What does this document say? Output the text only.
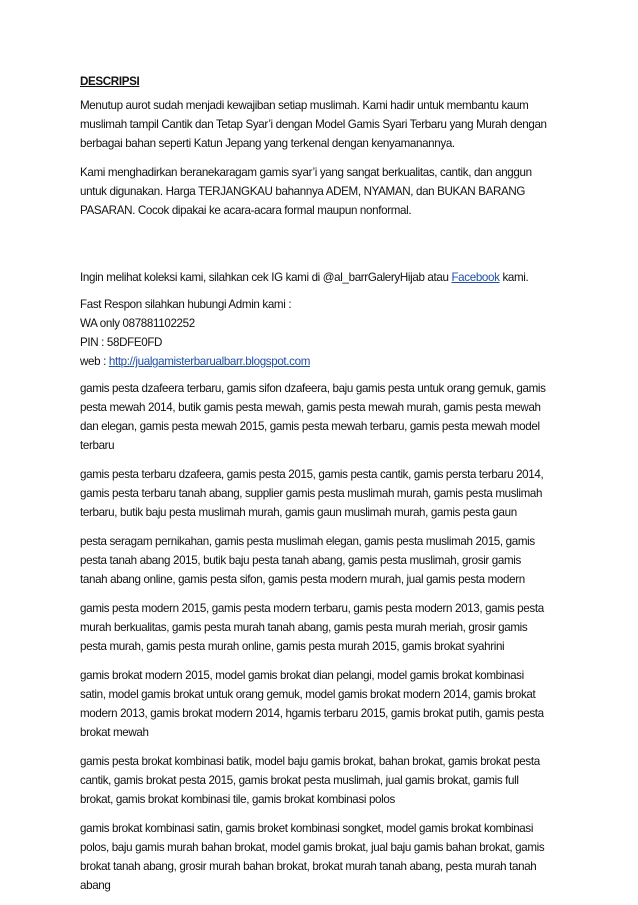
DESCRIPSI

Menutup aurot sudah menjadi kewajiban setiap muslimah. Kami hadir untuk membantu kaum muslimah tampil Cantik dan Tetap Syar’i dengan Model Gamis Syari Terbaru yang Murah dengan berbagai bahan seperti Katun Jepang yang terkenal dengan kenyamanannya.

Kami menghadirkan beranekaragam gamis syar’i yang sangat berkualitas, cantik, dan anggun untuk digunakan. Harga TERJANGKAU bahannya ADEM, NYAMAN, dan BUKAN BARANG PASARAN. Cocok dipakai ke acara-acara formal maupun nonformal.

Ingin melihat koleksi kami, silahkan cek IG kami di @al_barrGaleryHijab atau Facebook kami.

Fast Respon silahkan hubungi Admin kami :
WA only 087881102252
PIN : 58DFE0FD
web : http://jualgamisterbarualbarr.blogspot.com

gamis pesta dzafeera terbaru, gamis sifon dzafeera, baju gamis pesta untuk orang gemuk, gamis pesta mewah 2014, butik gamis pesta mewah, gamis pesta mewah murah, gamis pesta mewah dan elegan, gamis pesta mewah 2015, gamis pesta mewah terbaru, gamis pesta mewah model terbaru

gamis pesta terbaru dzafeera, gamis pesta 2015, gamis pesta cantik, gamis persta terbaru 2014, gamis pesta terbaru tanah abang, supplier gamis pesta muslimah murah, gamis pesta muslimah terbaru, butik baju pesta muslimah murah, gamis gaun muslimah murah, gamis pesta gaun

pesta seragam pernikahan, gamis pesta muslimah elegan, gamis pesta muslimah 2015, gamis pesta tanah abang 2015, butik baju pesta tanah abang, gamis pesta muslimah, grosir gamis tanah abang online, gamis pesta sifon, gamis pesta modern murah, jual gamis pesta modern

gamis pesta modern 2015, gamis pesta modern terbaru, gamis pesta modern 2013, gamis pesta murah berkualitas, gamis pesta murah tanah abang, gamis pesta murah meriah, grosir gamis pesta murah, gamis pesta murah online, gamis pesta murah 2015, gamis brokat syahrini

gamis brokat modern 2015, model gamis brokat dian pelangi, model gamis brokat kombinasi satin, model gamis brokat untuk orang gemuk, model gamis brokat modern 2014, gamis brokat modern 2013, gamis brokat modern 2014, hgamis terbaru 2015, gamis brokat putih, gamis pesta brokat mewah

gamis pesta brokat kombinasi batik, model baju gamis brokat, bahan brokat, gamis brokat pesta cantik, gamis brokat pesta 2015, gamis brokat pesta muslimah, jual gamis brokat, gamis full brokat, gamis brokat kombinasi tile, gamis brokat kombinasi polos

gamis brokat kombinasi satin, gamis broket kombinasi songket, model gamis brokat kombinasi polos, baju gamis murah bahan brokat, model gamis brokat, jual baju gamis bahan brokat, gamis brokat tanah abang, grosir murah bahan brokat, brokat murah tanah abang, pesta murah tanah abang
